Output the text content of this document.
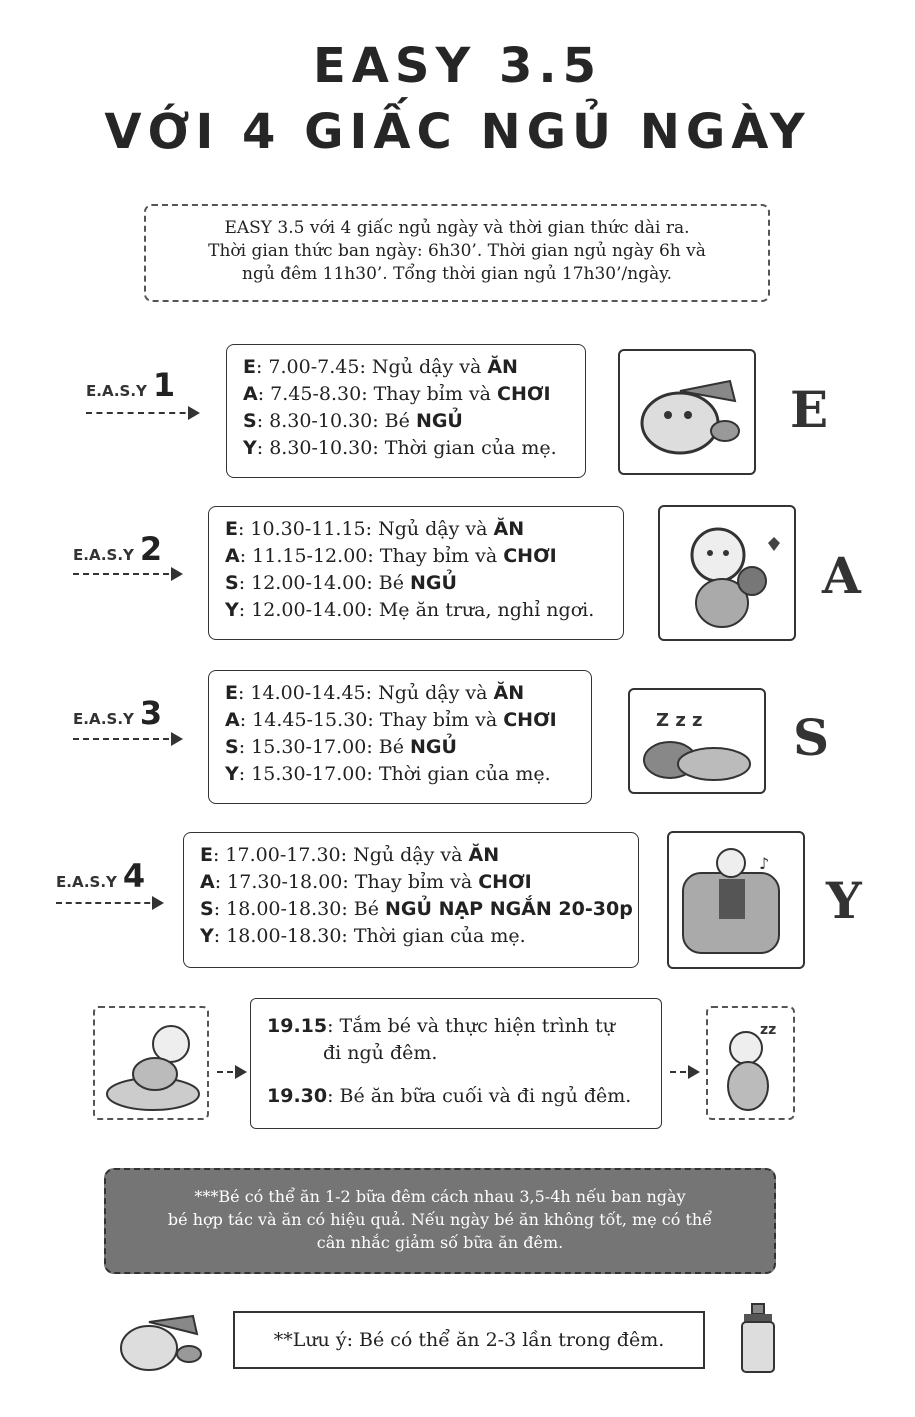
EASY 3.5
VỚI 4 GIẤC NGỦ NGÀY
EASY 3.5 với 4 giấc ngủ ngày và thời gian thức dài ra.
Thời gian thức ban ngày: 6h30’. Thời gian ngủ ngày 6h và
ngủ đêm 11h30’. Tổng thời gian ngủ 17h30’/ngày.
E.A.S.Y 1	E: 7.00-7.45: Ngủ dậy và ĂN
A: 7.45-8.30: Thay bỉm và CHƠI
S: 8.30-10.30: Bé NGỦ
Y: 8.30-10.30: Thời gian của mẹ.
E
E.A.S.Y 2
E: 10.30-11.15: Ngủ dậy và ĂN
A: 11.15-12.00: Thay bỉm và CHƠI
S: 12.00-14.00: Bé NGỦ
Y: 12.00-14.00: Mẹ ăn trưa, nghỉ ngơi.
A
E.A.S.Y 3
E: 14.00-14.45: Ngủ dậy và ĂN
A: 14.45-15.30: Thay bỉm và CHƠI
S: 15.30-17.00: Bé NGỦ
Y: 15.30-17.00: Thời gian của mẹ.
Z z z S
E.A.S.Y 4
E: 17.00-17.30: Ngủ dậy và ĂN
A: 17.30-18.00: Thay bỉm và CHƠI
S: 18.00-18.30: Bé NGỦ NẠP NGẮN 20-30p
Y: 18.00-18.30: Thời gian của mẹ.
♪
Y
19.15: Tắm bé và thực hiện trình tự
đi ngủ đêm.
19.30: Bé ăn bữa cuối và đi ngủ đêm.
zz
***Bé có thể ăn 1-2 bữa đêm cách nhau 3,5-4h nếu ban ngày
bé hợp tác và ăn có hiệu quả. Nếu ngày bé ăn không tốt, mẹ có thể
cân nhắc giảm số bữa ăn đêm.
**Lưu ý: Bé có thể ăn 2-3 lần trong đêm.
